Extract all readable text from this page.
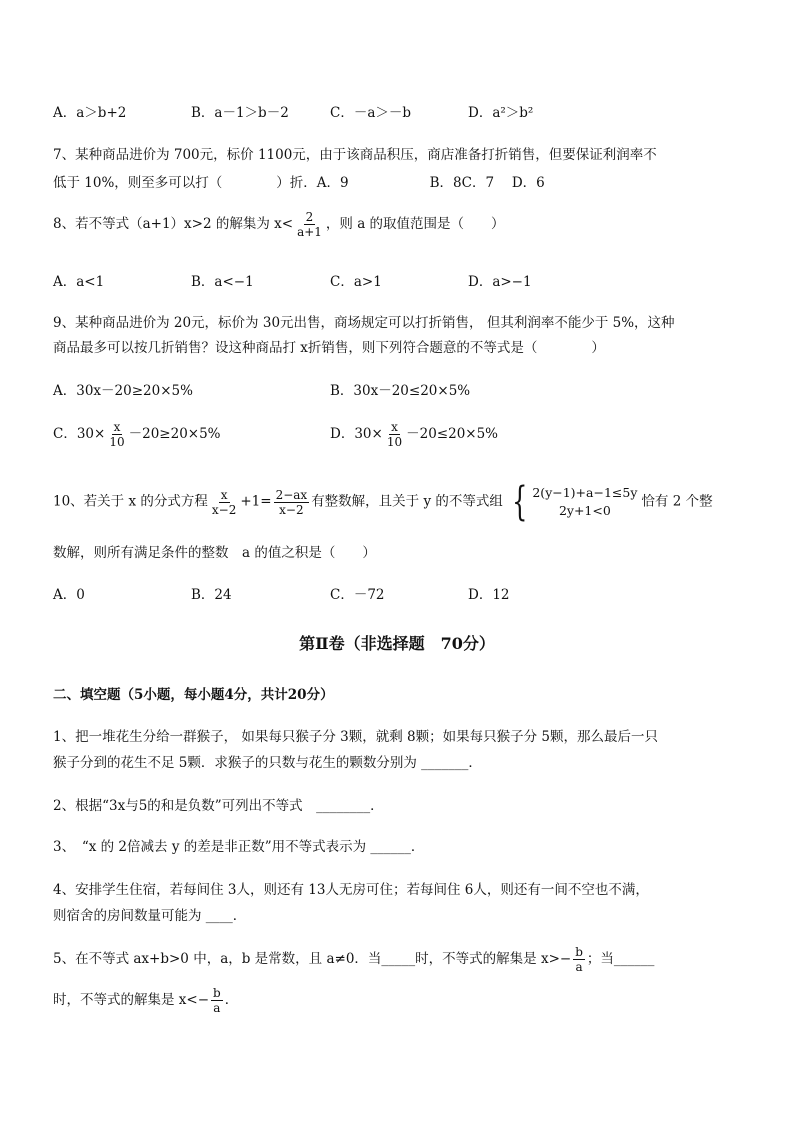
A．a＞b+2	B．a－1＞b－2	C．－a＞－b	D．a²＞b²
7、某种商品进价为 700元，标价 1100元，由于该商品积压，商店准备打折销售，但要保证利润率不
低于 10%，则至多可以打（　　　　）折．A．9　　　　　　B．8C．7　 D．6
8、若不等式（a+1）x>2 的解集为 $x< \frac{2}{a+1}$ ，则 a 的取值范围是（　　）
A．a<1	B．a<−1	C．a>1	D．a>−1
9、某种商品进价为 20元，标价为 30元出售，商场规定可以打折销售， 但其利润率不能少于 5%，这种
商品最多可以按几折销售？设这种商品打 x折销售，则下列符合题意的不等式是（　　　　）
A．30x－20≥20×5%	B．30x－20≤20×5%
C．$30\times \frac{x}{10} -20\ge 20\times 5\%$	D．$30\times \frac{x}{10} -20\le 20\times 5\%$
10、若关于 x 的分式方程 $\frac{x}{x-2} +1= \frac{2-ax}{x-2}$ 有整数解，且关于 y 的不等式组 { 2(y−1)+a−1≤5y
2y+1<0
恰有 2 个整
数解，则所有满足条件的整数　a 的值之积是（　　）
A．0	B．24	C．－72	D．12
第Ⅱ卷（非选择题　70分）
二、填空题（5小题，每小题4分，共计20分）
1、把一堆花生分给一群猴子， 如果每只猴子分 3颗，就剩 8颗；如果每只猴子分 5颗，那么最后一只
猴子分到的花生不足 5颗．求猴子的只数与花生的颗数分别为 _______．
2、根据“3x与5的和是负数”可列出不等式　________．
3、　“x 的 2倍减去 y 的差是非正数”用不等式表示为 ______．
4、安排学生住宿，若每间住 3人，则还有 13人无房可住；若每间住 6人，则还有一间不空也不满，
则宿舍的房间数量可能为 ____．
5、在不等式 ax+b>0 中，a，b 是常数，且 a≠0．当_____时，不等式的解集是 $x>- \frac{b}{a}$ ；当______
时，不等式的解集是 $x<- \frac{b}{a}$ ．
